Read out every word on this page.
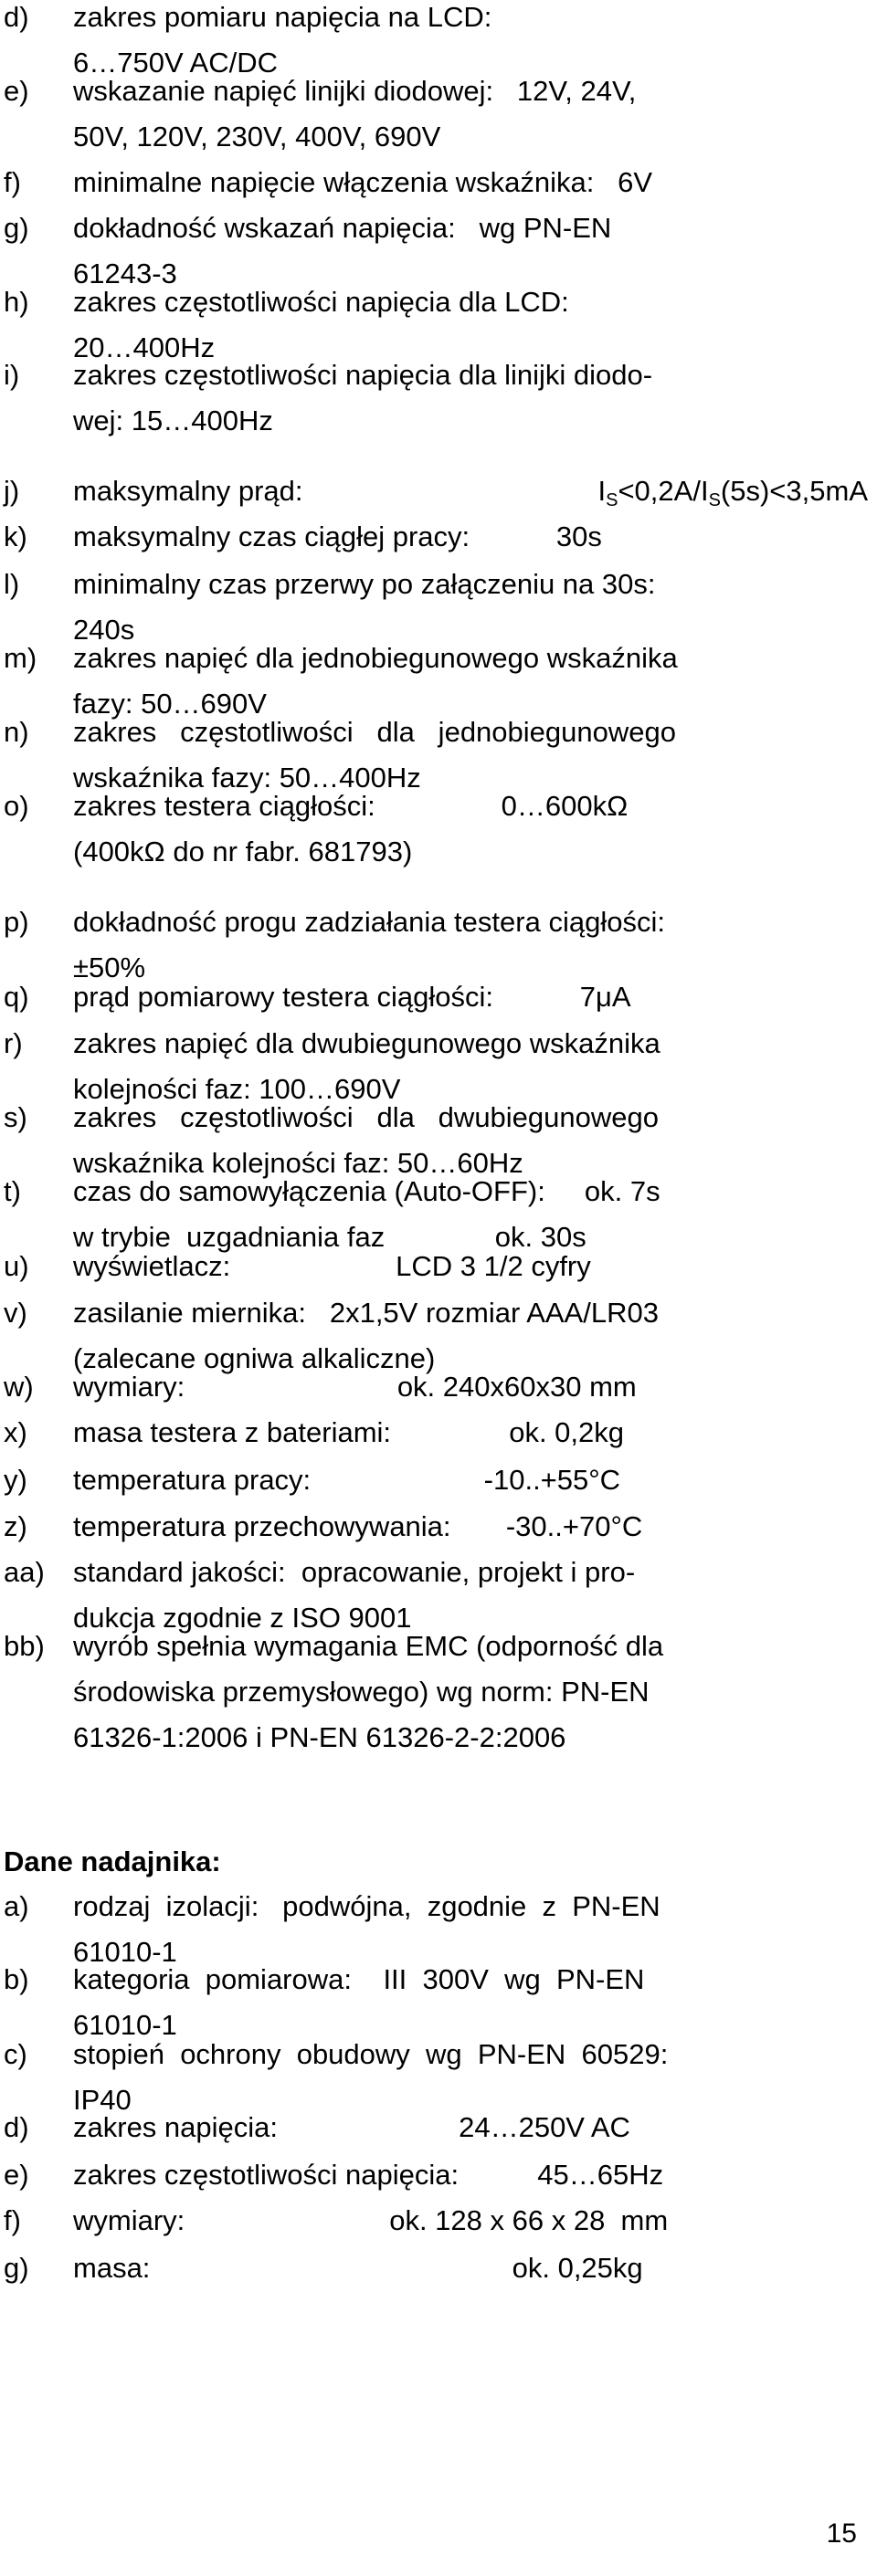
d) zakres pomiaru napięcia na LCD:
6…750V AC/DC
e) wskazanie napięć linijki diodowej:   12V, 24V,
50V, 120V, 230V, 400V, 690V
f) minimalne napięcie włączenia wskaźnika:   6V
g) dokładność wskazań napięcia:   wg PN-EN
61243-3
h) zakres częstotliwości napięcia dla LCD:
20…400Hz
i) zakres częstotliwości napięcia dla linijki diodo-
wej: 15…400Hz
j) maksymalny prąd:	IS<0,2A/IS(5s)<3,5mA
k) maksymalny czas ciągłej pracy:           30s
l) minimalny czas przerwy po załączeniu na 30s:
240s
m) zakres napięć dla jednobiegunowego wskaźnika
fazy: 50…690V
n) zakres   częstotliwości   dla   jednobiegunowego
wskaźnika fazy: 50…400Hz
o) zakres testera ciągłości:                0…600kΩ
(400kΩ do nr fabr. 681793)
p) dokładność progu zadziałania testera ciągłości:
±50%
q) prąd pomiarowy testera ciągłości:           7μA
r) zakres napięć dla dwubiegunowego wskaźnika
kolejności faz: 100…690V
s) zakres   częstotliwości   dla   dwubiegunowego
wskaźnika kolejności faz: 50…60Hz
t) czas do samowyłączenia (Auto-OFF):     ok. 7s
w trybie  uzgadniania faz              ok. 30s
u) wyświetlacz:                     LCD 3 1/2 cyfry
v) zasilanie miernika:   2x1,5V rozmiar AAA/LR03
(zalecane ogniwa alkaliczne)
w) wymiary:                           ok. 240x60x30 mm
x) masa testera z bateriami:               ok. 0,2kg
y) temperatura pracy:                      -10..+55°C
z) temperatura przechowywania:       -30..+70°C
aa) standard jakości:  opracowanie, projekt i pro-
dukcja zgodnie z ISO 9001
bb) wyrób spełnia wymagania EMC (odporność dla
środowiska przemysłowego) wg norm: PN-EN
61326-1:2006 i PN-EN 61326-2-2:2006
Dane nadajnika:
a) rodzaj  izolacji:   podwójna,  zgodnie  z  PN-EN
61010-1
b) kategoria  pomiarowa:    III  300V  wg  PN-EN
61010-1
c) stopień  ochrony  obudowy  wg  PN-EN  60529:
IP40
d) zakres napięcia:                       24…250V AC
e) zakres częstotliwości napięcia:          45…65Hz
f) wymiary:                          ok. 128 x 66 x 28  mm
g) masa:                                              ok. 0,25kg
15
